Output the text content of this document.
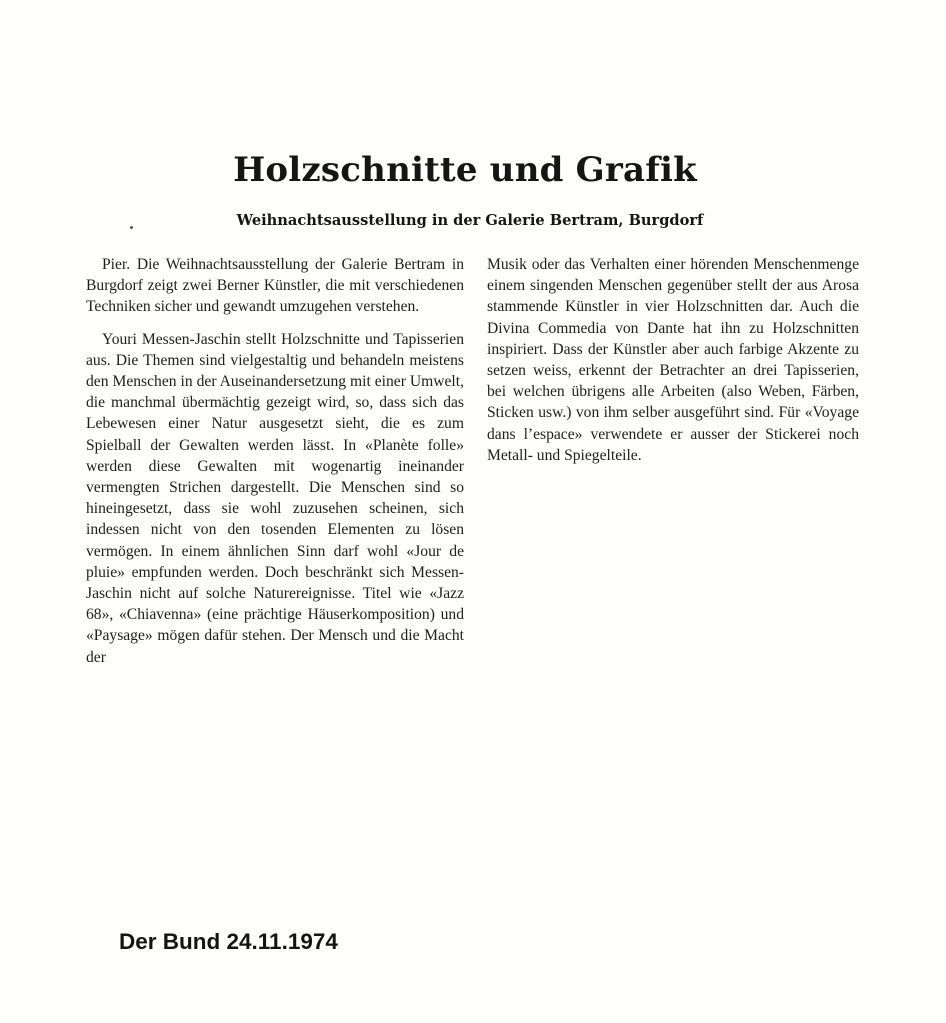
Holzschnitte und Grafik
Weihnachtsausstellung in der Galerie Bertram, Burgdorf

Pier. Die Weihnachtsausstellung der Galerie Bertram in Burgdorf zeigt zwei Berner Künstler, die mit verschiedenen Techniken sicher und gewandt umzugehen verstehen.

Youri Messen-Jaschin stellt Holzschnitte und Tapisserien aus. Die Themen sind vielgestaltig und behandeln meistens den Menschen in der Auseinandersetzung mit einer Umwelt, die manchmal übermächtig gezeigt wird, so, dass sich das Lebewesen einer Natur ausgesetzt sieht, die es zum Spielball der Gewalten werden lässt. In «Planète folle» werden diese Gewalten mit wogenartig ineinander vermengten Strichen dargestellt. Die Menschen sind so hineingesetzt, dass sie wohl zuzusehen scheinen, sich indessen nicht von den tosenden Elementen zu lösen vermögen. In einem ähnlichen Sinn darf wohl «Jour de pluie» empfunden werden. Doch beschränkt sich Messen-Jaschin nicht auf solche Naturereignisse. Titel wie «Jazz 68», «Chiavenna» (eine prächtige Häuserkomposition) und «Paysage» mögen dafür stehen. Der Mensch und die Macht der

Musik oder das Verhalten einer hörenden Menschenmenge einem singenden Menschen gegenüber stellt der aus Arosa stammende Künstler in vier Holzschnitten dar. Auch die Divina Commedia von Dante hat ihn zu Holzschnitten inspiriert. Dass der Künstler aber auch farbige Akzente zu setzen weiss, erkennt der Betrachter an drei Tapisserien, bei welchen übrigens alle Arbeiten (also Weben, Färben, Sticken usw.) von ihm selber ausgeführt sind. Für «Voyage dans l’espace» verwendete er ausser der Stickerei noch Metall- und Spiegelteile.

Der Bund 24.11.1974
